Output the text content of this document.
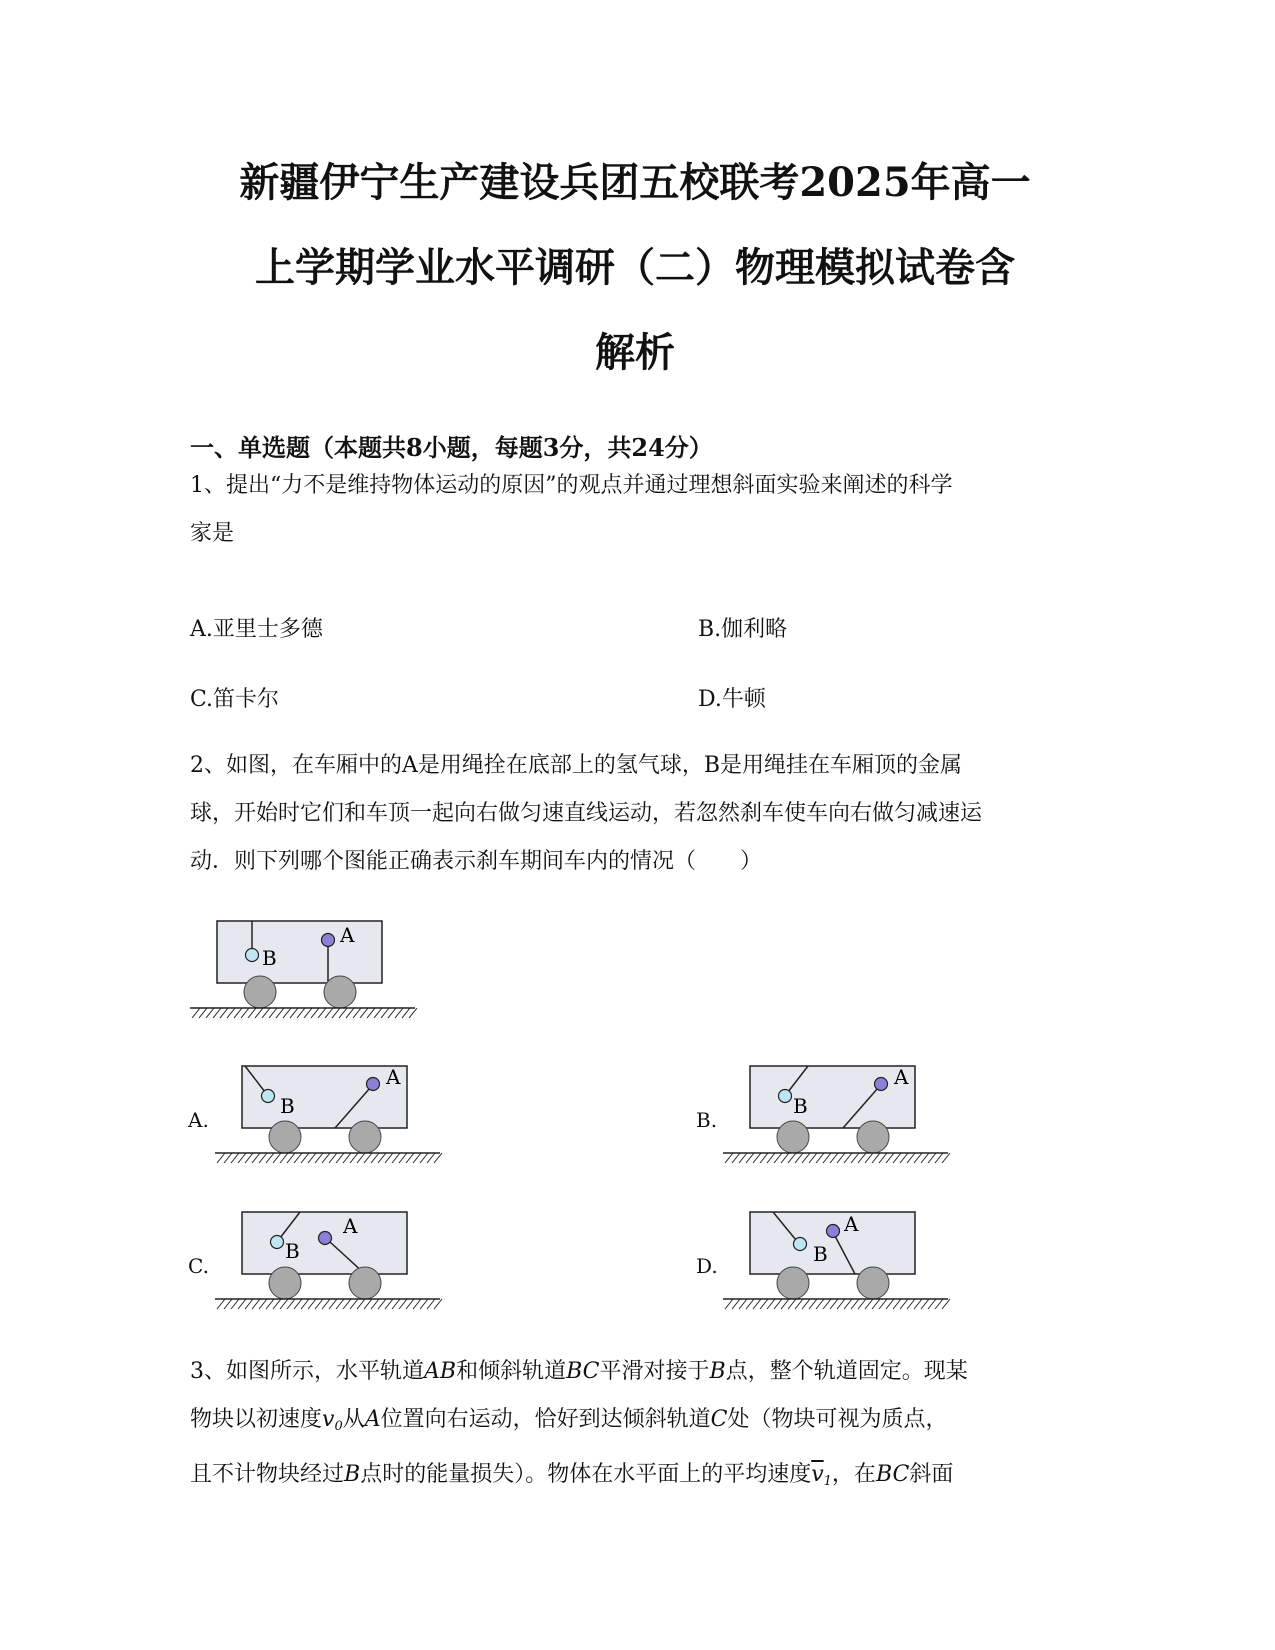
新疆伊宁生产建设兵团五校联考2025年高一
上学期学业水平调研（二）物理模拟试卷含
解析
一、单选题（本题共8小题，每题3分，共24分）
1、提出“力不是维持物体运动的原因”的观点并通过理想斜面实验来阐述的科学
家是
A.亚里士多德	B.伽利略
C.笛卡尔	D.牛顿
2、如图，在车厢中的A是用绳拴在底部上的氢气球，B是用绳挂在车厢顶的金属
球，开始时它们和车顶一起向右做匀速直线运动，若忽然刹车使车向右做匀减速运
动．则下列哪个图能正确表示刹车期间车内的情况（　　）
B
A
A.
B
A
B.
B
A
C.
B
A
D.	B
A
3、如图所示，水平轨道AB和倾斜轨道BC平滑对接于B点，整个轨道固定。现某
物块以初速度$v_0$从A位置向右运动，恰好到达倾斜轨道C处（物块可视为质点，
且不计物块经过B点时的能量损失）。物体在水平面上的平均速度$\overline{v}_1$，在BC斜面
